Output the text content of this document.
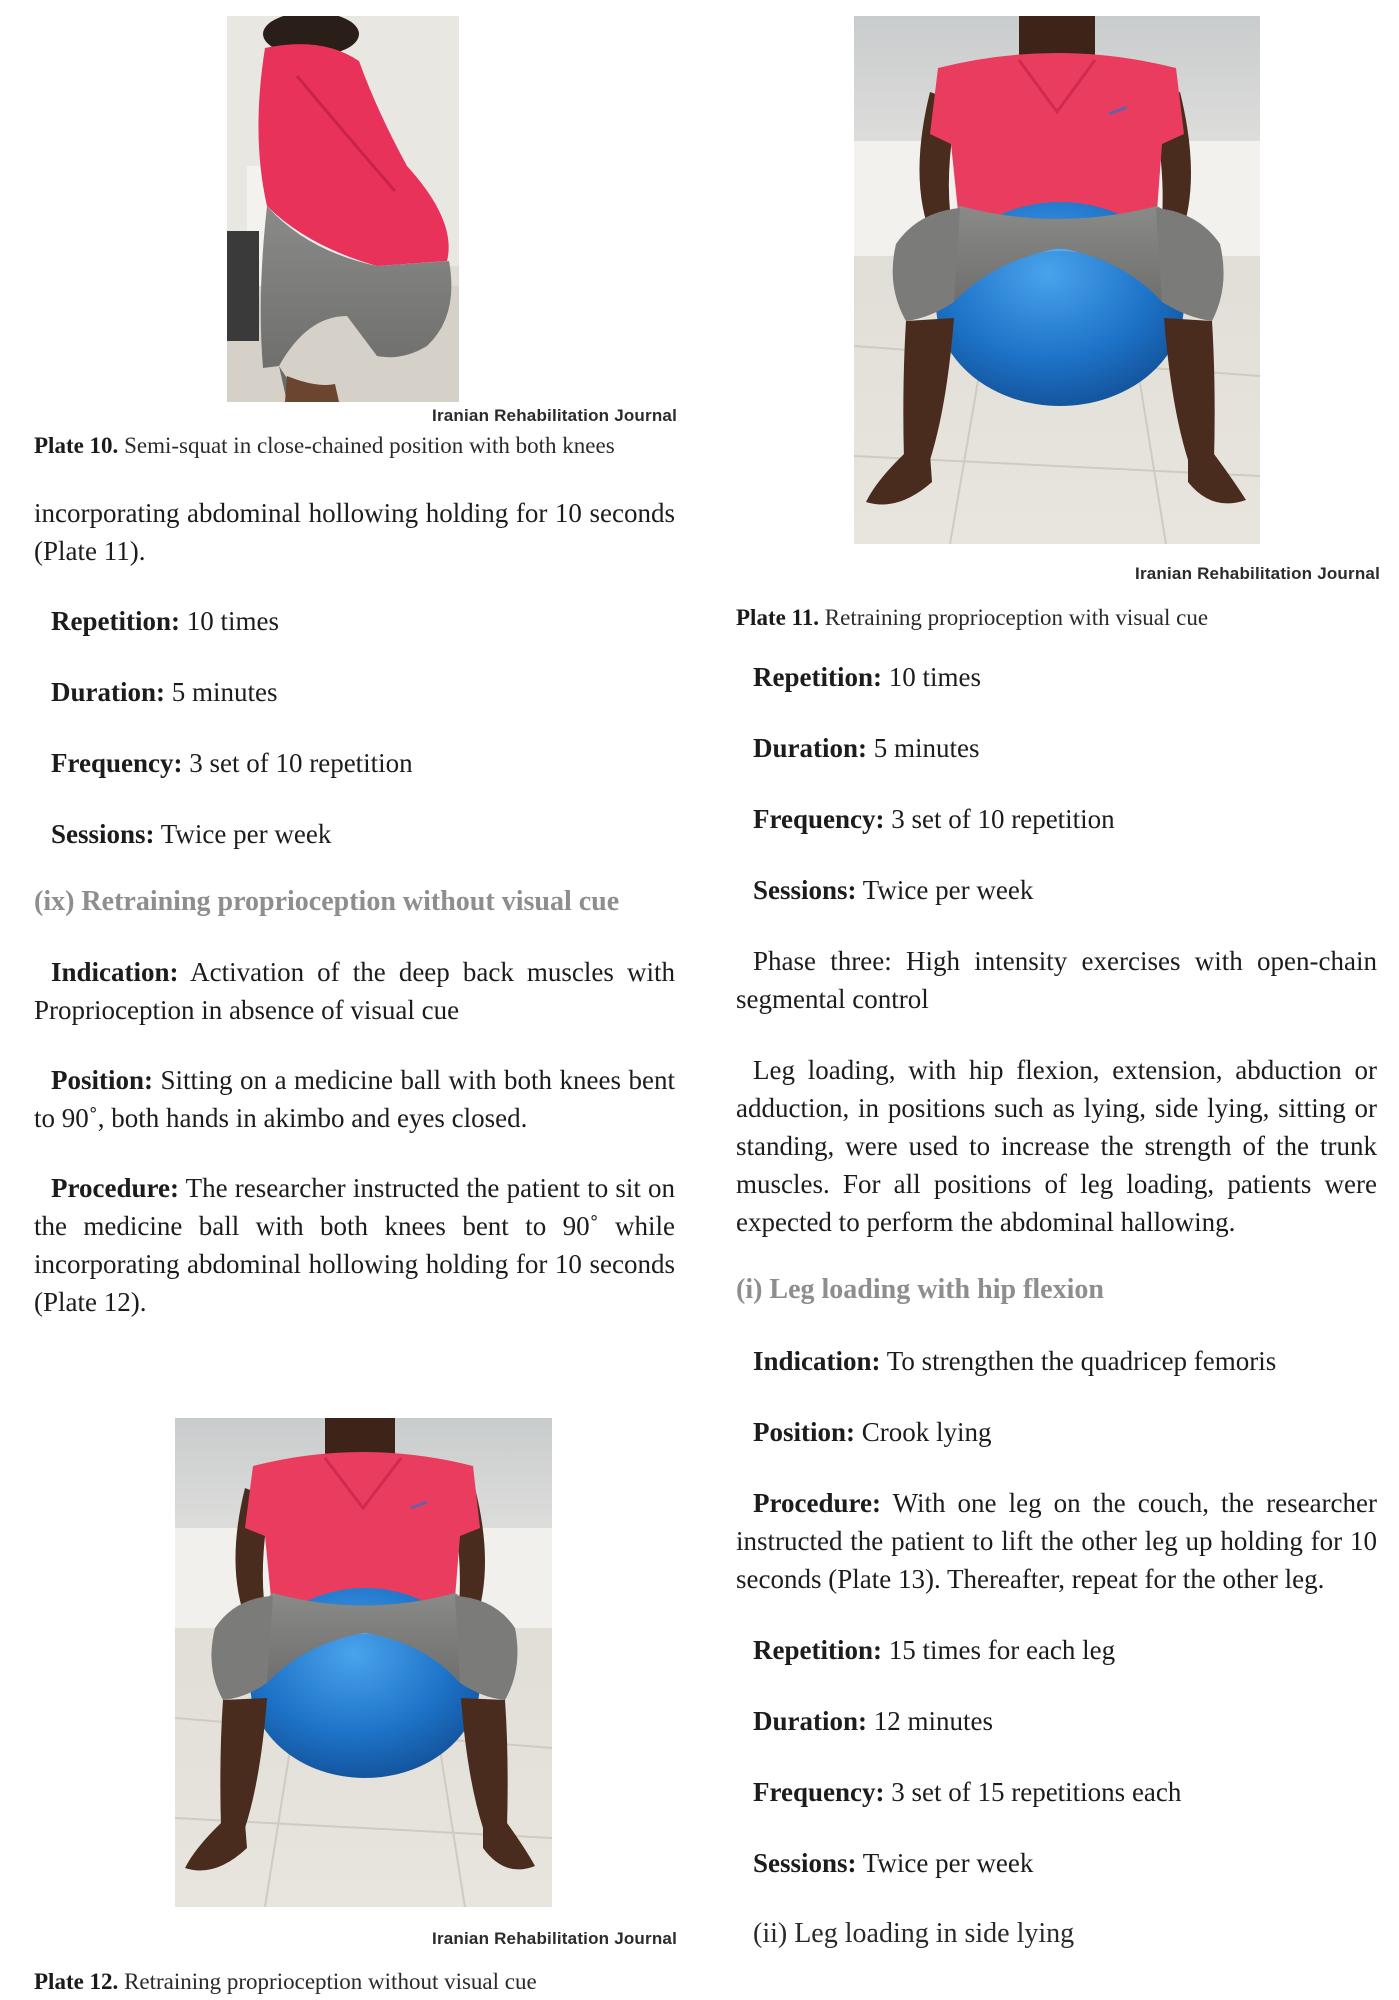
Iranian Rehabilitation Journal

Plate 10. Semi-squat in close-chained position with both knees

incorporating abdominal hollowing holding for 10 seconds (Plate 11).

Repetition: 10 times

Duration: 5 minutes

Frequency: 3 set of 10 repetition

Sessions: Twice per week

(ix) Retraining proprioception without visual cue

Indication: Activation of the deep back muscles with Proprioception in absence of visual cue

Position: Sitting on a medicine ball with both knees bent to 90˚, both hands in akimbo and eyes closed.

Procedure: The researcher instructed the patient to sit on the medicine ball with both knees bent to 90˚ while incorporating abdominal hollowing holding for 10 seconds (Plate 12).

Iranian Rehabilitation Journal

Plate 12. Retraining proprioception without visual cue

Iranian Rehabilitation Journal

Plate 11. Retraining proprioception with visual cue

Repetition: 10 times

Duration: 5 minutes

Frequency: 3 set of 10 repetition

Sessions: Twice per week

Phase three: High intensity exercises with open-chain segmental control

Leg loading, with hip flexion, extension, abduction or adduction, in positions such as lying, side lying, sitting or standing, were used to increase the strength of the trunk muscles. For all positions of leg loading, patients were expected to perform the abdominal hallowing.

(i) Leg loading with hip flexion

Indication: To strengthen the quadricep femoris

Position: Crook lying

Procedure: With one leg on the couch, the researcher instructed the patient to lift the other leg up holding for 10 seconds (Plate 13). Thereafter, repeat for the other leg.

Repetition: 15 times for each leg

Duration: 12 minutes

Frequency: 3 set of 15 repetitions each

Sessions: Twice per week

(ii) Leg loading in side lying
